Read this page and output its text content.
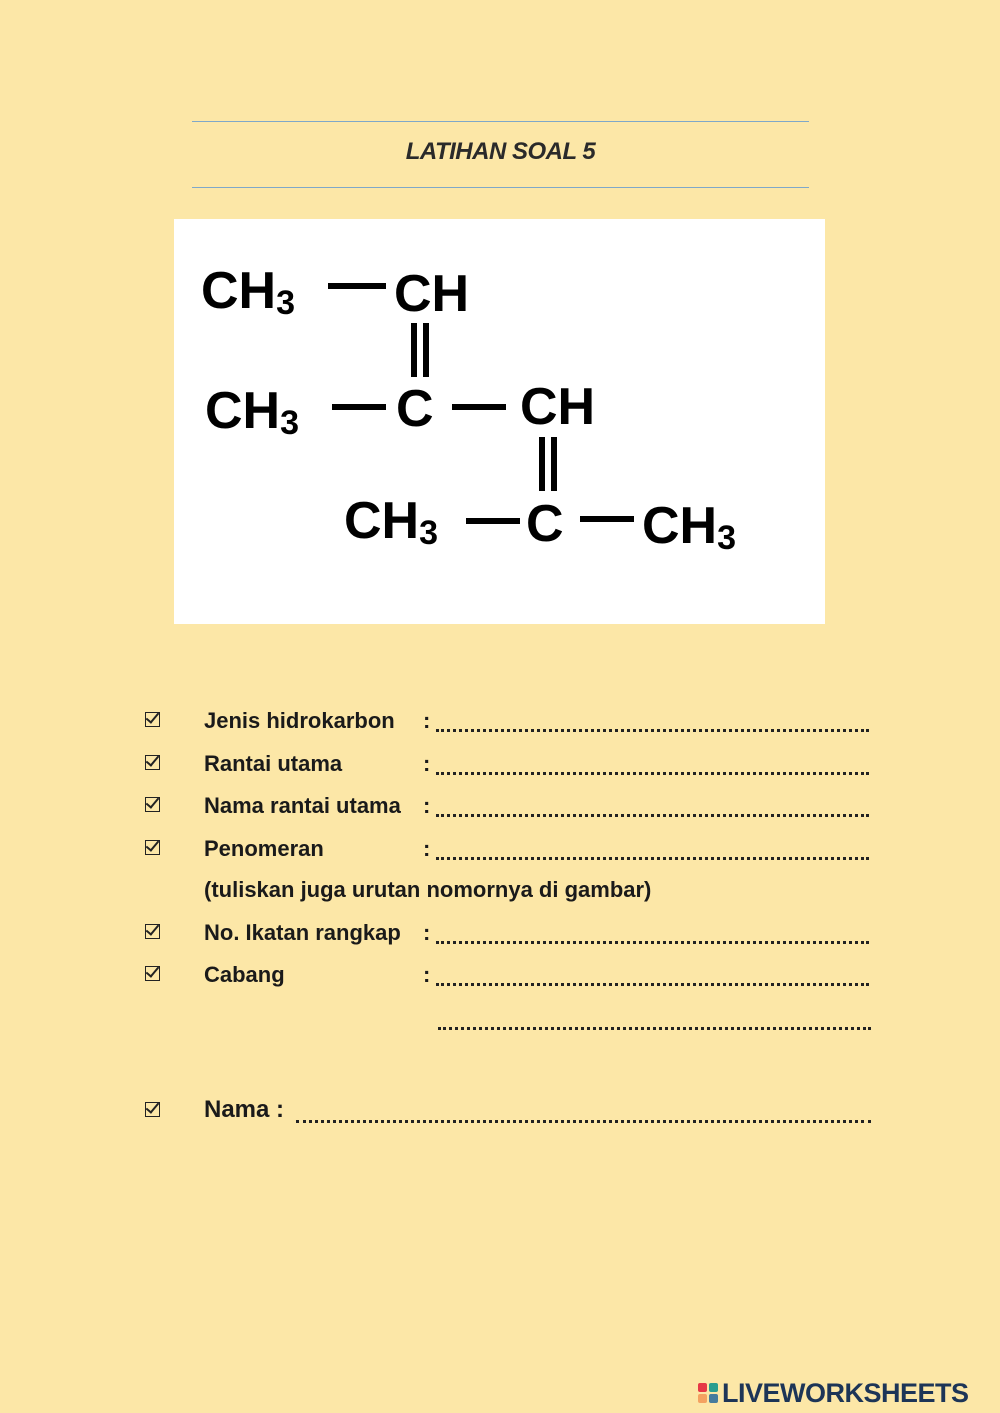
LATIHAN SOAL 5
CH3 CH
CH3 C CH
CH3 C CH3
Jenis hidrokarbon :
Rantai utama	:
Nama rantai utama :
Penomeran	:
(tuliskan juga urutan nomornya di gambar)
No. Ikatan rangkap :
Cabang	:
Nama :
LIVEWORKSHEETS
